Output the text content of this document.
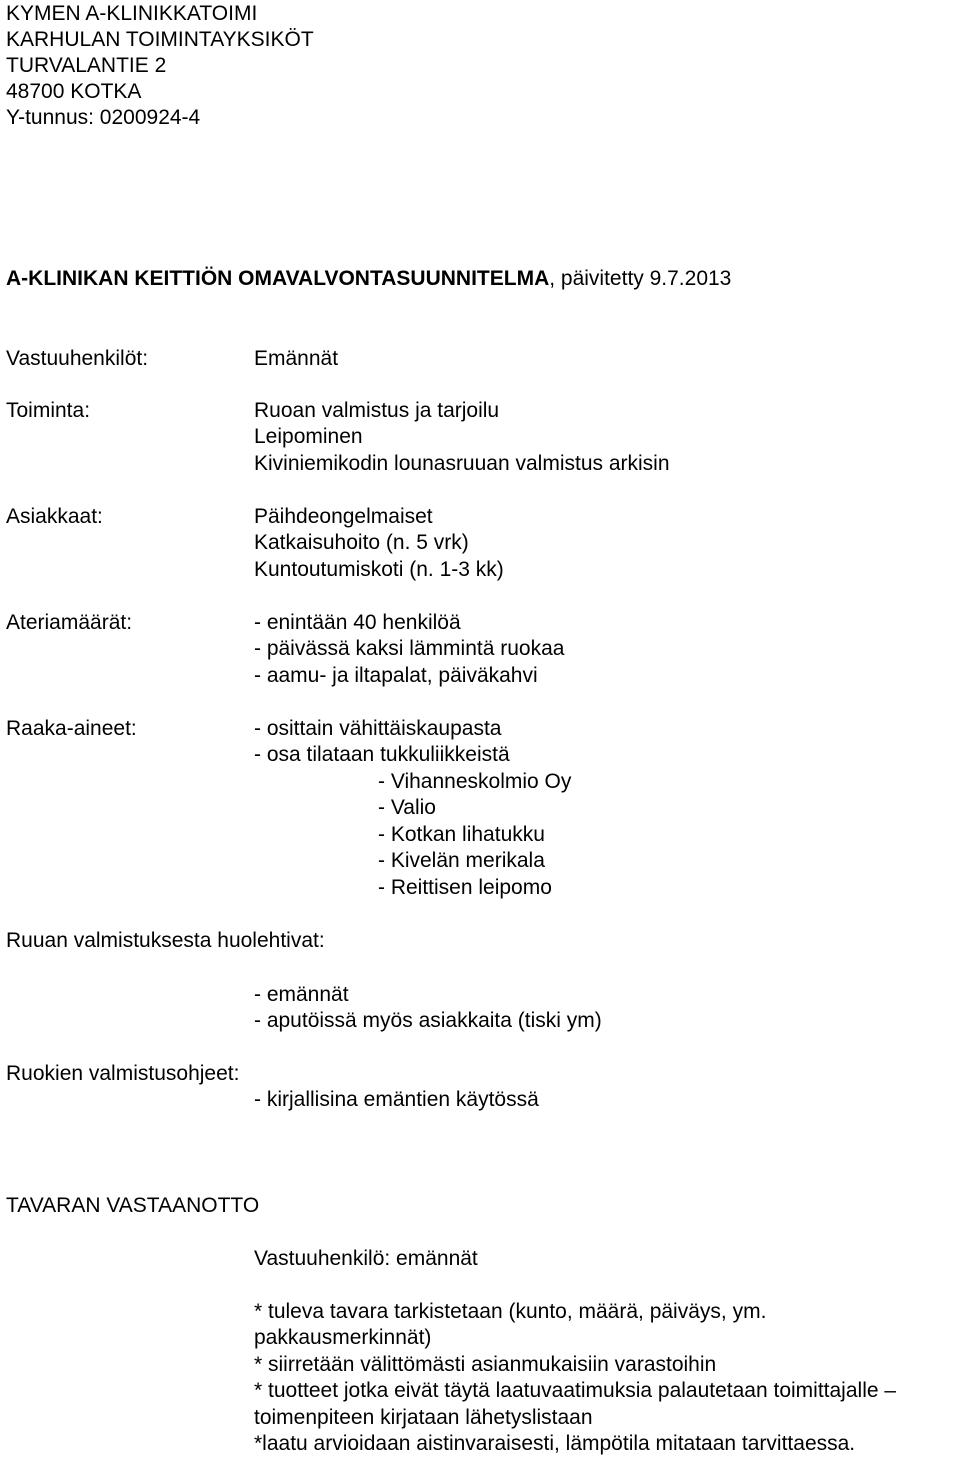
KYMEN A-KLINIKKATOIMI
KARHULAN TOIMINTAYKSIKÖT
TURVALANTIE 2
48700 KOTKA
Y-tunnus: 0200924-4
A-KLINIKAN KEITTIÖN OMAVALVONTASUUNNITELMA, päivitetty 9.7.2013
Vastuuhenkilöt:	Emännät
Toiminta:	Ruoan valmistus ja tarjoilu
Leipominen
Kiviniemikodin lounasruuan valmistus arkisin
Asiakkaat:	Päihdeongelmaiset
Katkaisuhoito (n. 5 vrk)
Kuntoutumiskoti (n. 1-3 kk)
Ateriamäärät:	- enintään 40 henkilöä
- päivässä kaksi lämmintä ruokaa
- aamu- ja iltapalat, päiväkahvi
Raaka-aineet:	- osittain vähittäiskaupasta
- osa tilataan tukkuliikkeistä
- Vihanneskolmio Oy
- Valio
- Kotkan lihatukku
- Kivelän merikala
- Reittisen leipomo
Ruuan valmistuksesta huolehtivat:
- emännät
- aputöissä myös asiakkaita (tiski ym)
Ruokien valmistusohjeet:
- kirjallisina emäntien käytössä
TAVARAN VASTAANOTTO
Vastuuhenkilö: emännät
* tuleva tavara tarkistetaan (kunto, määrä, päiväys, ym.
pakkausmerkinnät)
* siirretään välittömästi asianmukaisiin varastoihin
* tuotteet jotka eivät täytä laatuvaatimuksia palautetaan toimittajalle –
toimenpiteen kirjataan lähetyslistaan
*laatu arvioidaan aistinvaraisesti, lämpötila mitataan tarvittaessa.
